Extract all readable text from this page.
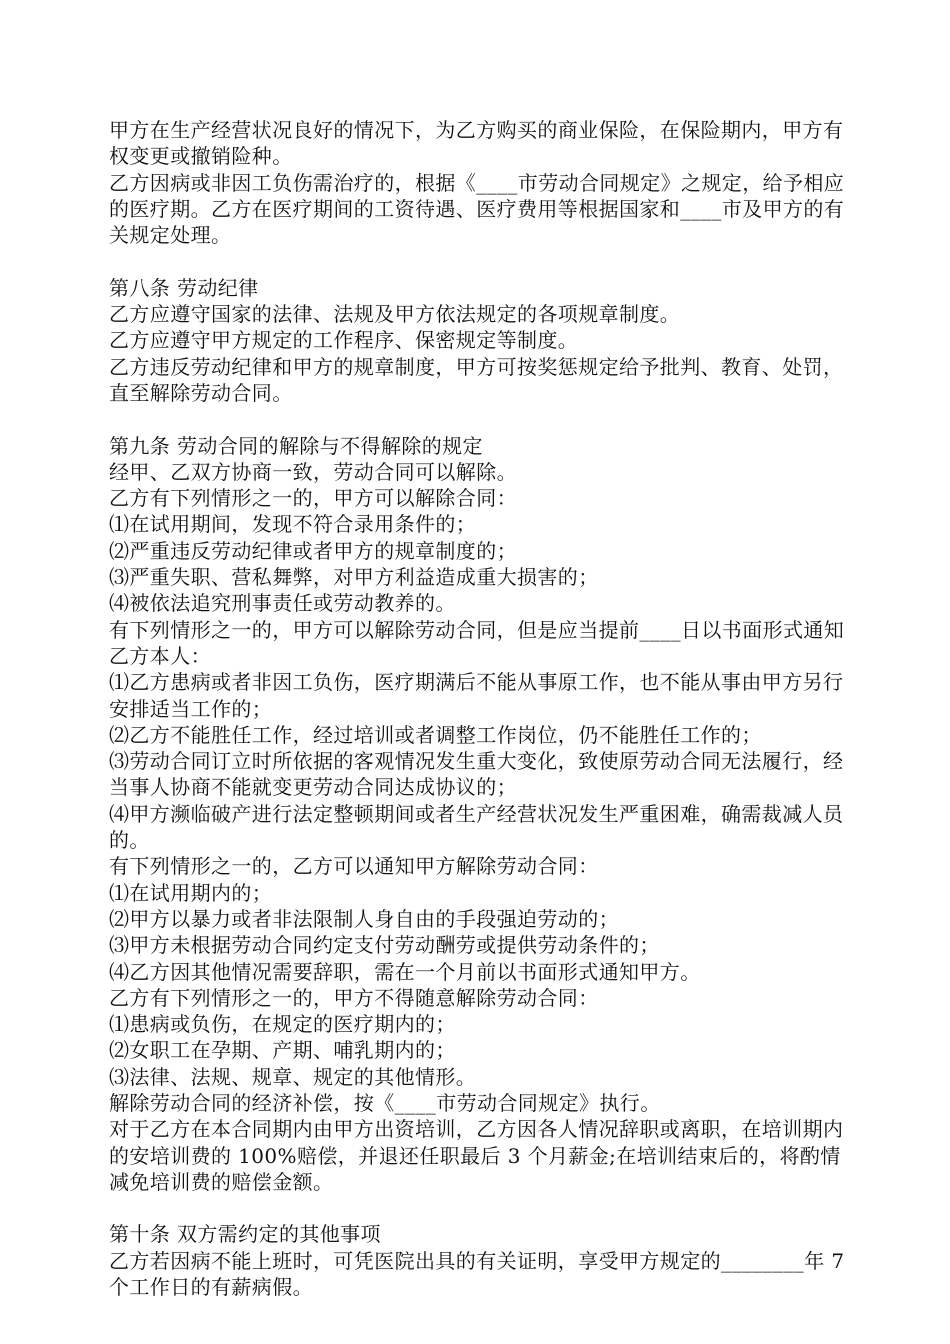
甲方在生产经营状况良好的情况下，为乙方购买的商业保险，在保险期内，甲方有权变更或撤销险种。

乙方因病或非因工负伤需治疗的，根据《____市劳动合同规定》之规定，给予相应的医疗期。乙方在医疗期间的工资待遇、医疗费用等根据国家和____市及甲方的有关规定处理。

第八条 劳动纪律

乙方应遵守国家的法律、法规及甲方依法规定的各项规章制度。

乙方应遵守甲方规定的工作程序、保密规定等制度。

乙方违反劳动纪律和甲方的规章制度，甲方可按奖惩规定给予批判、教育、处罚，直至解除劳动合同。

第九条 劳动合同的解除与不得解除的规定

经甲、乙双方协商一致，劳动合同可以解除。

乙方有下列情形之一的，甲方可以解除合同：

⑴在试用期间，发现不符合录用条件的；

⑵严重违反劳动纪律或者甲方的规章制度的；

⑶严重失职、营私舞弊，对甲方利益造成重大损害的；

⑷被依法追究刑事责任或劳动教养的。

有下列情形之一的，甲方可以解除劳动合同，但是应当提前____日以书面形式通知乙方本人：

⑴乙方患病或者非因工负伤，医疗期满后不能从事原工作，也不能从事由甲方另行安排适当工作的；

⑵乙方不能胜任工作，经过培训或者调整工作岗位，仍不能胜任工作的；

⑶劳动合同订立时所依据的客观情况发生重大变化，致使原劳动合同无法履行，经当事人协商不能就变更劳动合同达成协议的；

⑷甲方濒临破产进行法定整顿期间或者生产经营状况发生严重困难，确需裁减人员的。

有下列情形之一的，乙方可以通知甲方解除劳动合同：

⑴在试用期内的；

⑵甲方以暴力或者非法限制人身自由的手段强迫劳动的；

⑶甲方未根据劳动合同约定支付劳动酬劳或提供劳动条件的；

⑷乙方因其他情况需要辞职，需在一个月前以书面形式通知甲方。

乙方有下列情形之一的，甲方不得随意解除劳动合同：

⑴患病或负伤，在规定的医疗期内的；

⑵女职工在孕期、产期、哺乳期内的；

⑶法律、法规、规章、规定的其他情形。

解除劳动合同的经济补偿，按《____市劳动合同规定》执行。

对于乙方在本合同期内由甲方出资培训，乙方因各人情况辞职或离职，在培训期内的安培训费的 100%赔偿，并退还任职最后 3 个月薪金;在培训结束后的，将酌情减免培训费的赔偿金额。

第十条 双方需约定的其他事项

乙方若因病不能上班时，可凭医院出具的有关证明，享受甲方规定的________年 7 个工作日的有薪病假。
